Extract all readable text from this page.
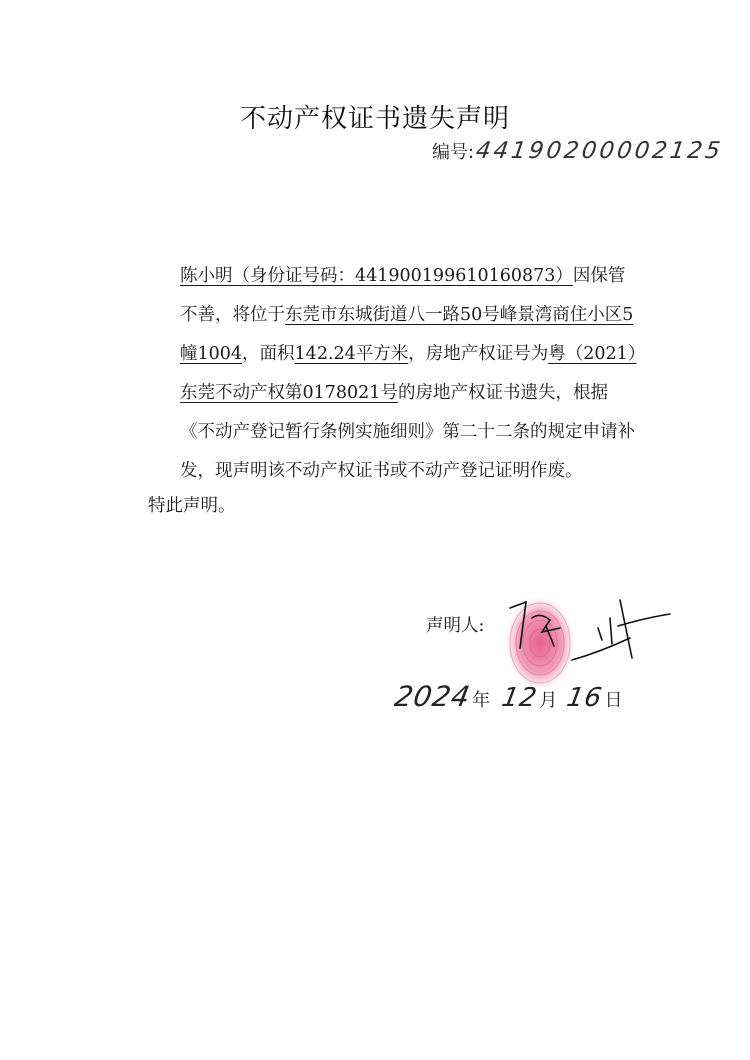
不动产权证书遗失声明
编号: 44190200002125

陈小明（身份证号码：441900199610160873）因保管不善，将位于东莞市东城街道八一路50号峰景湾商住小区5幢1004，面积142.24平方米，房地产权证号为粤（2021）东莞不动产权第0178021号的房地产权证书遗失，根据《不动产登记暂行条例实施细则》第二十二条的规定申请补发，现声明该不动产权证书或不动产登记证明作废。

特此声明。
声明人:
2024 年 12 月 16 日
